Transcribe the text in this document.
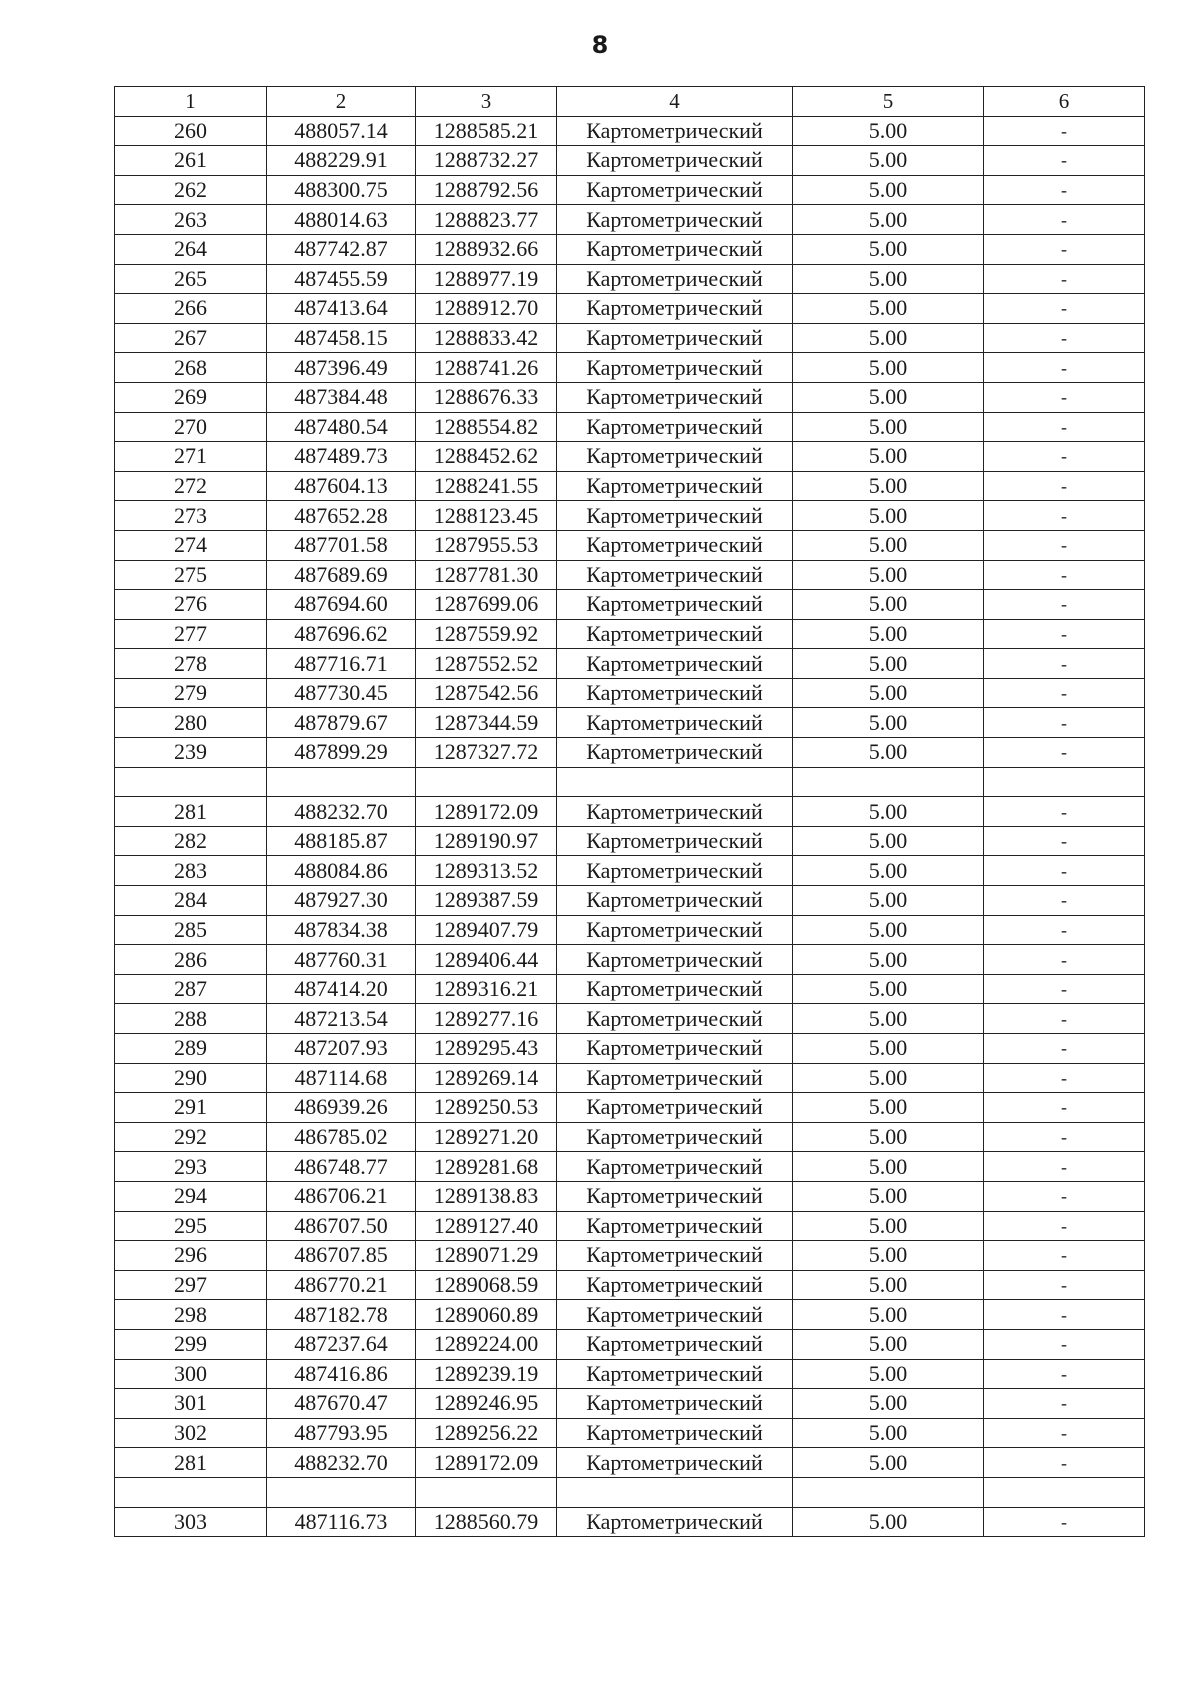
8
1	2	3	4	5	6
260	488057.14	1288585.21	Картометрический	5.00	-
261	488229.91	1288732.27	Картометрический	5.00	-
262	488300.75	1288792.56	Картометрический	5.00	-
263	488014.63	1288823.77	Картометрический	5.00	-
264	487742.87	1288932.66	Картометрический	5.00	-
265	487455.59	1288977.19	Картометрический	5.00	-
266	487413.64	1288912.70	Картометрический	5.00	-
267	487458.15	1288833.42	Картометрический	5.00	-
268	487396.49	1288741.26	Картометрический	5.00	-
269	487384.48	1288676.33	Картометрический	5.00	-
270	487480.54	1288554.82	Картометрический	5.00	-
271	487489.73	1288452.62	Картометрический	5.00	-
272	487604.13	1288241.55	Картометрический	5.00	-
273	487652.28	1288123.45	Картометрический	5.00	-
274	487701.58	1287955.53	Картометрический	5.00	-
275	487689.69	1287781.30	Картометрический	5.00	-
276	487694.60	1287699.06	Картометрический	5.00	-
277	487696.62	1287559.92	Картометрический	5.00	-
278	487716.71	1287552.52	Картометрический	5.00	-
279	487730.45	1287542.56	Картометрический	5.00	-
280	487879.67	1287344.59	Картометрический	5.00	-
239	487899.29	1287327.72	Картометрический	5.00	-

281	488232.70	1289172.09	Картометрический	5.00	-
282	488185.87	1289190.97	Картометрический	5.00	-
283	488084.86	1289313.52	Картометрический	5.00	-
284	487927.30	1289387.59	Картометрический	5.00	-
285	487834.38	1289407.79	Картометрический	5.00	-
286	487760.31	1289406.44	Картометрический	5.00	-
287	487414.20	1289316.21	Картометрический	5.00	-
288	487213.54	1289277.16	Картометрический	5.00	-
289	487207.93	1289295.43	Картометрический	5.00	-
290	487114.68	1289269.14	Картометрический	5.00	-
291	486939.26	1289250.53	Картометрический	5.00	-
292	486785.02	1289271.20	Картометрический	5.00	-
293	486748.77	1289281.68	Картометрический	5.00	-
294	486706.21	1289138.83	Картометрический	5.00	-
295	486707.50	1289127.40	Картометрический	5.00	-
296	486707.85	1289071.29	Картометрический	5.00	-
297	486770.21	1289068.59	Картометрический	5.00	-
298	487182.78	1289060.89	Картометрический	5.00	-
299	487237.64	1289224.00	Картометрический	5.00	-
300	487416.86	1289239.19	Картометрический	5.00	-
301	487670.47	1289246.95	Картометрический	5.00	-
302	487793.95	1289256.22	Картометрический	5.00	-
281	488232.70	1289172.09	Картометрический	5.00	-

303	487116.73	1288560.79	Картометрический	5.00	-
